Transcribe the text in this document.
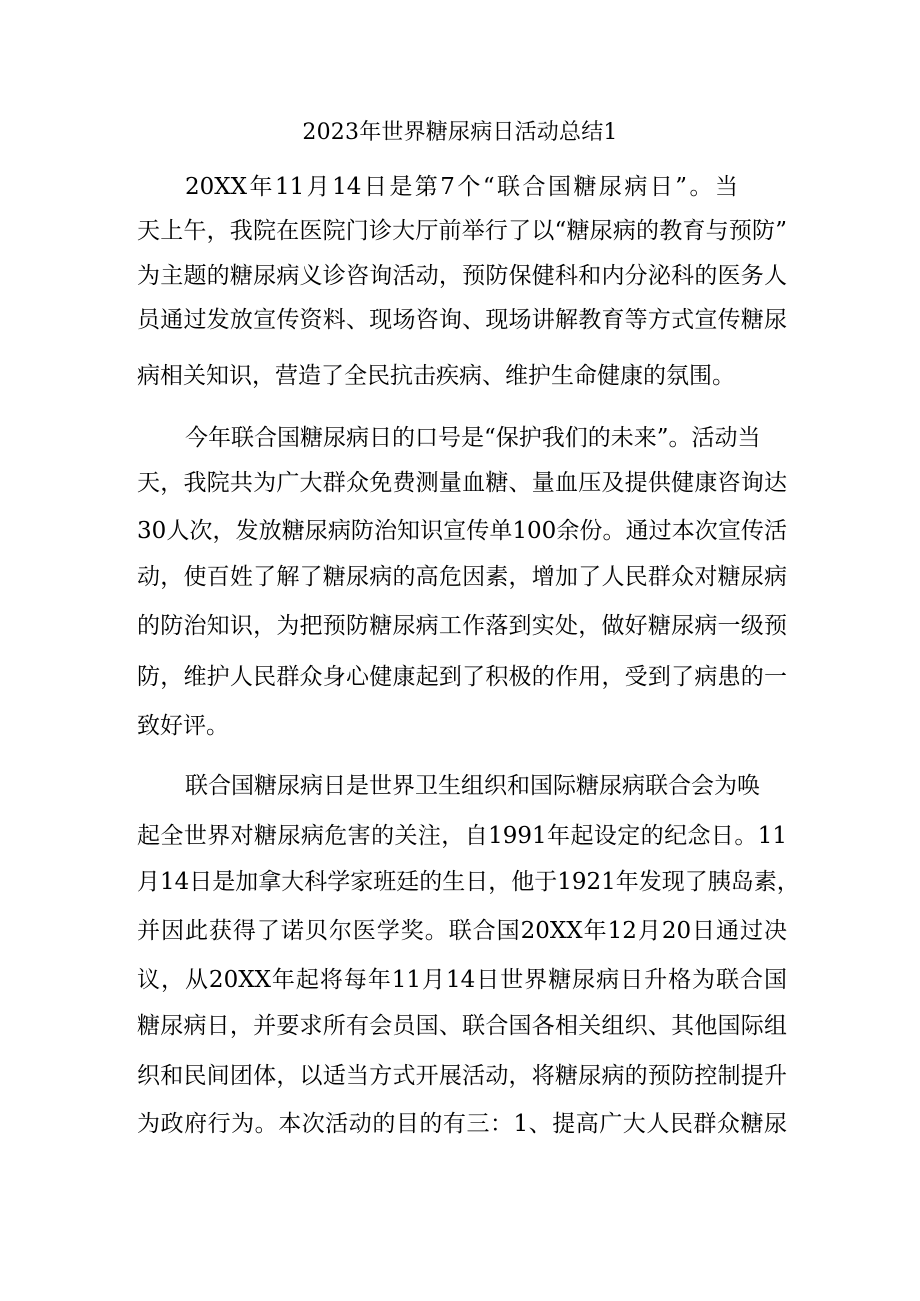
2023年世界糖尿病日活动总结1
20XX年11月14日是第7个“联合国糖尿病日”。当
天上午，我院在医院门诊大厅前举行了以“糖尿病的教育与预防”
为主题的糖尿病义诊咨询活动，预防保健科和内分泌科的医务人
员通过发放宣传资料、现场咨询、现场讲解教育等方式宣传糖尿
病相关知识，营造了全民抗击疾病、维护生命健康的氛围。
今年联合国糖尿病日的口号是“保护我们的未来”。活动当
天，我院共为广大群众免费测量血糖、量血压及提供健康咨询达
30人次，发放糖尿病防治知识宣传单100余份。通过本次宣传活
动，使百姓了解了糖尿病的高危因素，增加了人民群众对糖尿病
的防治知识，为把预防糖尿病工作落到实处，做好糖尿病一级预
防，维护人民群众身心健康起到了积极的作用，受到了病患的一
致好评。
联合国糖尿病日是世界卫生组织和国际糖尿病联合会为唤
起全世界对糖尿病危害的关注，自1991年起设定的纪念日。11
月14日是加拿大科学家班廷的生日，他于1921年发现了胰岛素，
并因此获得了诺贝尔医学奖。联合国20XX年12月20日通过决
议，从20XX年起将每年11月14日世界糖尿病日升格为联合国
糖尿病日，并要求所有会员国、联合国各相关组织、其他国际组
织和民间团体，以适当方式开展活动，将糖尿病的预防控制提升
为政府行为。本次活动的目的有三：1、提高广大人民群众糖尿
